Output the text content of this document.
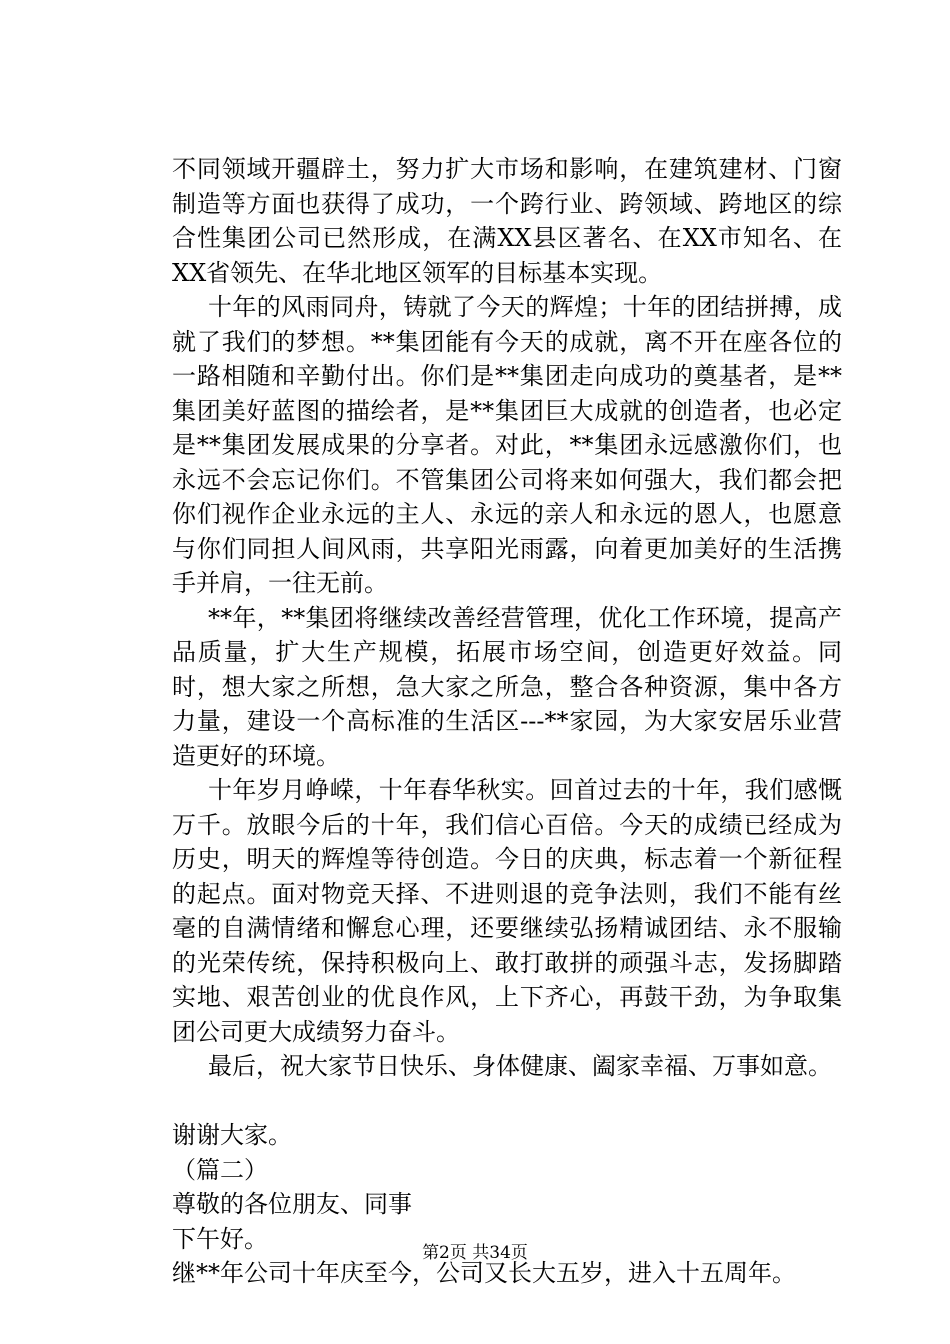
不同领域开疆辟土，努力扩大市场和影响，在建筑建材、门窗制造等方面也获得了成功，一个跨行业、跨领域、跨地区的综合性集团公司已然形成，在满XX县区著名、在XX市知名、在XX省领先、在华北地区领军的目标基本实现。

十年的风雨同舟，铸就了今天的辉煌；十年的团结拼搏，成就了我们的梦想。**集团能有今天的成就，离不开在座各位的一路相随和辛勤付出。你们是**集团走向成功的奠基者，是**集团美好蓝图的描绘者，是**集团巨大成就的创造者，也必定是**集团发展成果的分享者。对此，**集团永远感激你们，也永远不会忘记你们。不管集团公司将来如何强大，我们都会把你们视作企业永远的主人、永远的亲人和永远的恩人，也愿意与你们同担人间风雨，共享阳光雨露，向着更加美好的生活携手并肩，一往无前。

**年，**集团将继续改善经营管理，优化工作环境，提高产品质量，扩大生产规模，拓展市场空间，创造更好效益。同时，想大家之所想，急大家之所急，整合各种资源，集中各方力量，建设一个高标准的生活区---**家园，为大家安居乐业营造更好的环境。

十年岁月峥嵘，十年春华秋实。回首过去的十年，我们感慨万千。放眼今后的十年，我们信心百倍。今天的成绩已经成为历史，明天的辉煌等待创造。今日的庆典，标志着一个新征程的起点。面对物竞天择、不进则退的竞争法则，我们不能有丝毫的自满情绪和懈怠心理，还要继续弘扬精诚团结、永不服输的光荣传统，保持积极向上、敢打敢拼的顽强斗志，发扬脚踏实地、艰苦创业的优良作风，上下齐心，再鼓干劲，为争取集团公司更大成绩努力奋斗。

最后，祝大家节日快乐、身体健康、阖家幸福、万事如意。

谢谢大家。

（篇二）

尊敬的各位朋友、同事

下午好。

继**年公司十年庆至今，公司又长大五岁，进入十五周年。

第2页 共34页
